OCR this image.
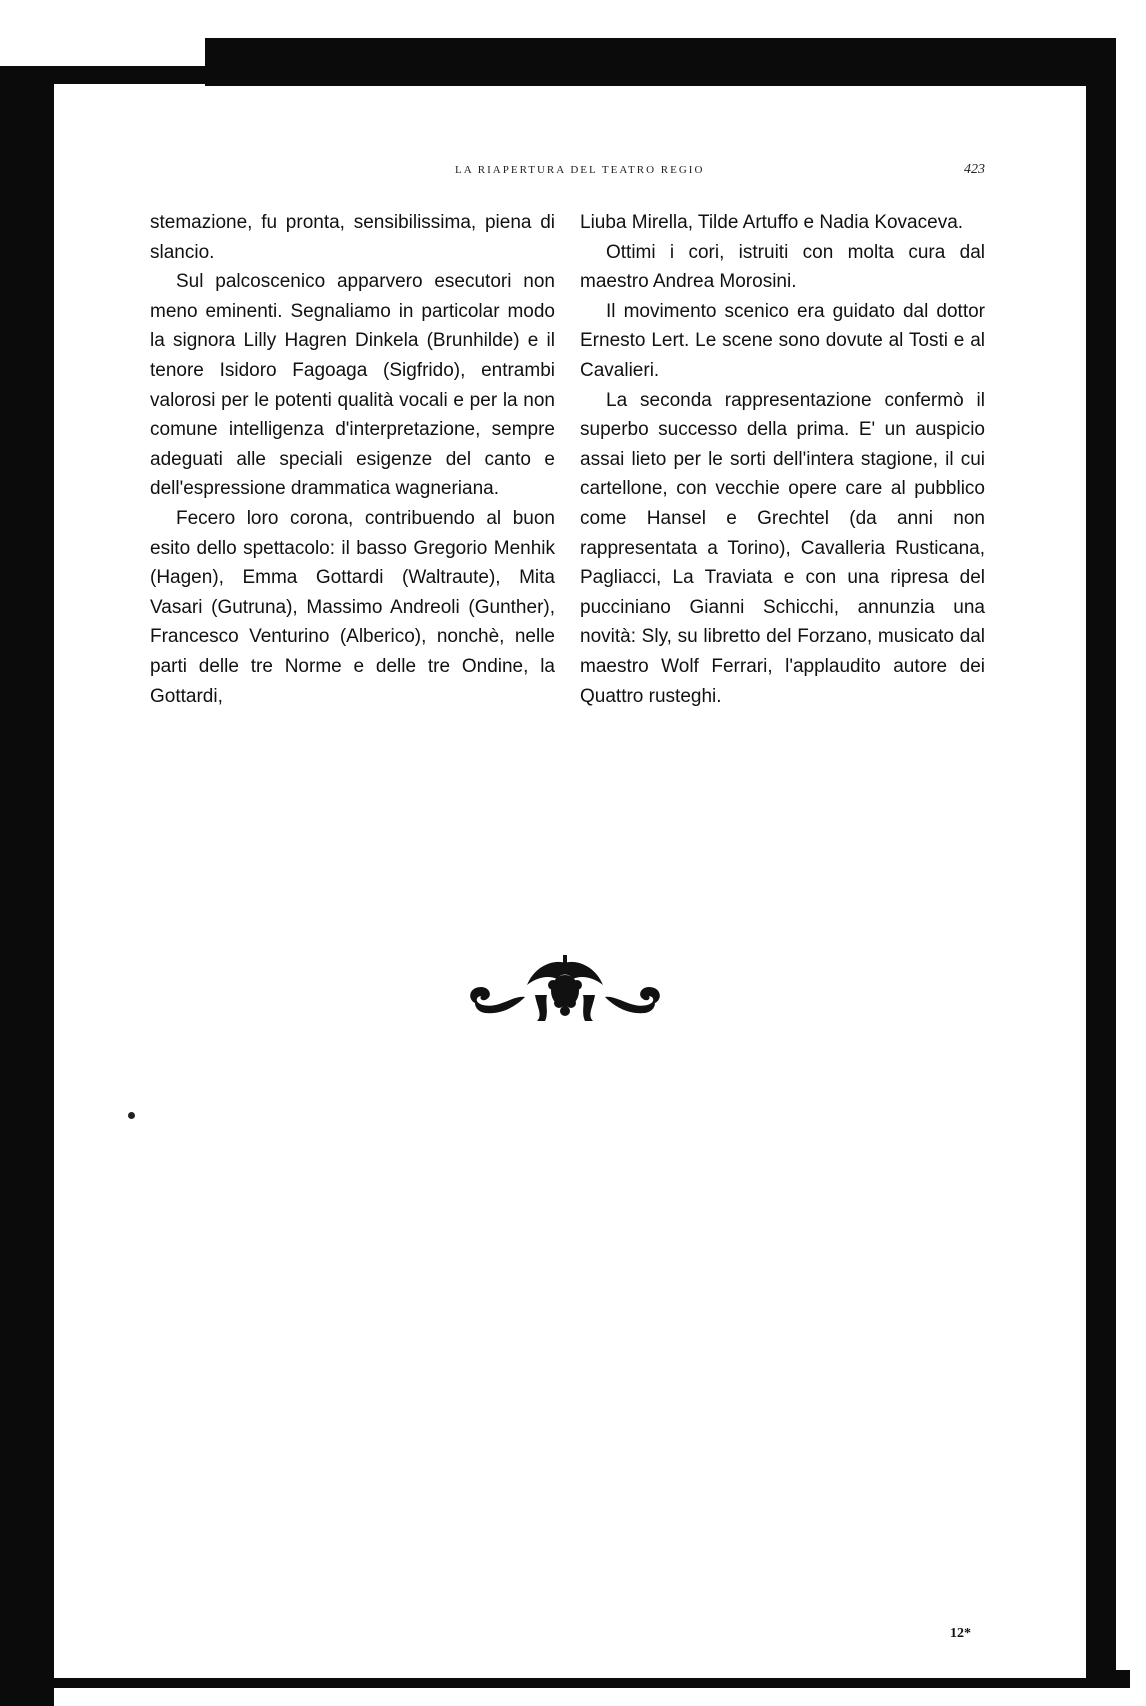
LA RIAPERTURA DEL TEATRO REGIO	423

stemazione, fu pronta, sensibilissima, piena di slancio.

Sul palcoscenico apparvero esecutori non meno eminenti. Segnaliamo in particolar modo la signora Lilly Hagren Dinkela (Brunhilde) e il tenore Isidoro Fagoaga (Sigfrido), entrambi valorosi per le potenti qualità vocali e per la non comune intelligenza d'interpretazione, sempre adeguati alle speciali esigenze del canto e dell'espressione drammatica wagneriana.

Fecero loro corona, contribuendo al buon esito dello spettacolo: il basso Gregorio Menhik (Hagen), Emma Gottardi (Waltraute), Mita Vasari (Gutruna), Massimo Andreoli (Gunther), Francesco Venturino (Alberico), nonchè, nelle parti delle tre Norme e delle tre Ondine, la Gottardi,

Liuba Mirella, Tilde Artuffo e Nadia Kovaceva.

Ottimi i cori, istruiti con molta cura dal maestro Andrea Morosini.

Il movimento scenico era guidato dal dottor Ernesto Lert. Le scene sono dovute al Tosti e al Cavalieri.

La seconda rappresentazione confermò il superbo successo della prima. E' un auspicio assai lieto per le sorti dell'intera stagione, il cui cartellone, con vecchie opere care al pubblico come Hansel e Grechtel (da anni non rappresentata a Torino), Cavalleria Rusticana, Pagliacci, La Traviata e con una ripresa del pucciniano Gianni Schicchi, annunzia una novità: Sly, su libretto del Forzano, musicato dal maestro Wolf Ferrari, l'applaudito autore dei Quattro rusteghi.

12*
